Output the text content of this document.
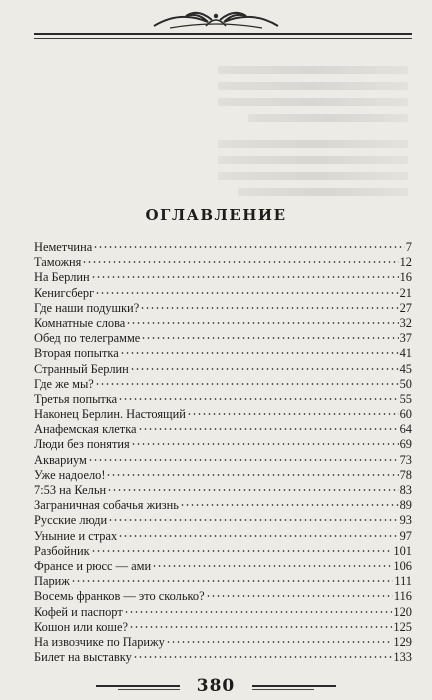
ОГЛАВЛЕНИЕ
Неметчина	7
Таможня	12
На Берлин	16
Кенигсберг	21
Где наши подушки?	27
Комнатные слова	32
Обед по телеграмме	37
Вторая попытка	41
Странный Берлин	45
Где же мы?	50
Третья попытка	55
Наконец Берлин. Настоящий	60
Анафемская клетка	64
Люди без понятия	69
Аквариум	73
Уже надоело!	78
7:53 на Кельн	83
Заграничная собачья жизнь	89
Русские люди	93
Уныние и страх	97
Разбойник	101
Франсе и рюсс — ами	106
Париж	111
Восемь франков — это сколько?	116
Кофей и паспорт	120
Кошон или коше?	125
На извозчике по Парижу	129
Билет на выставку	133
380
